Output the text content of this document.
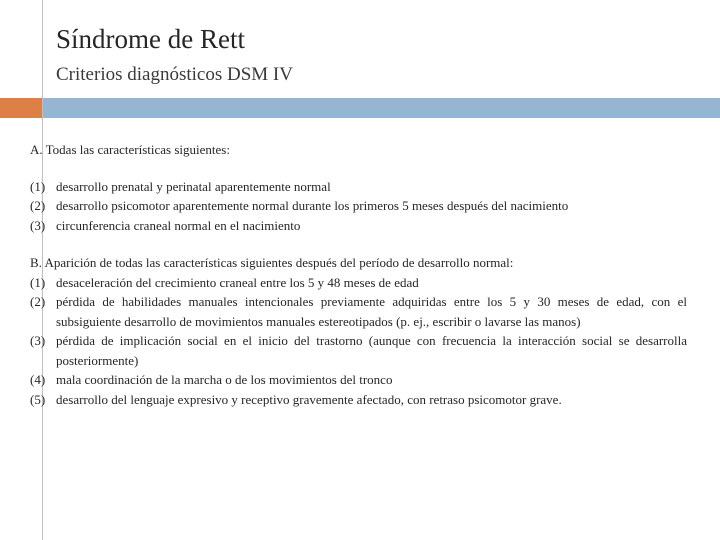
Síndrome de Rett
Criterios diagnósticos DSM IV

A. Todas las características siguientes:

(1) desarrollo prenatal y perinatal aparentemente normal
(2) desarrollo psicomotor aparentemente normal durante los primeros 5 meses después del nacimiento
(3) circunferencia craneal normal en el nacimiento

B. Aparición de todas las características siguientes después del período de desarrollo normal:

(1) desaceleración del crecimiento craneal entre los 5 y 48 meses de edad
(2) pérdida de habilidades manuales intencionales previamente adquiridas entre los 5 y 30 meses de edad, con el subsiguiente desarrollo de movimientos manuales estereotipados (p. ej., escribir o lavarse las manos)
(3) pérdida de implicación social en el inicio del trastorno (aunque con frecuencia la interacción social se desarrolla posteriormente)
(4) mala coordinación de la marcha o de los movimientos del tronco
(5) desarrollo del lenguaje expresivo y receptivo gravemente afectado, con retraso psicomotor grave.
